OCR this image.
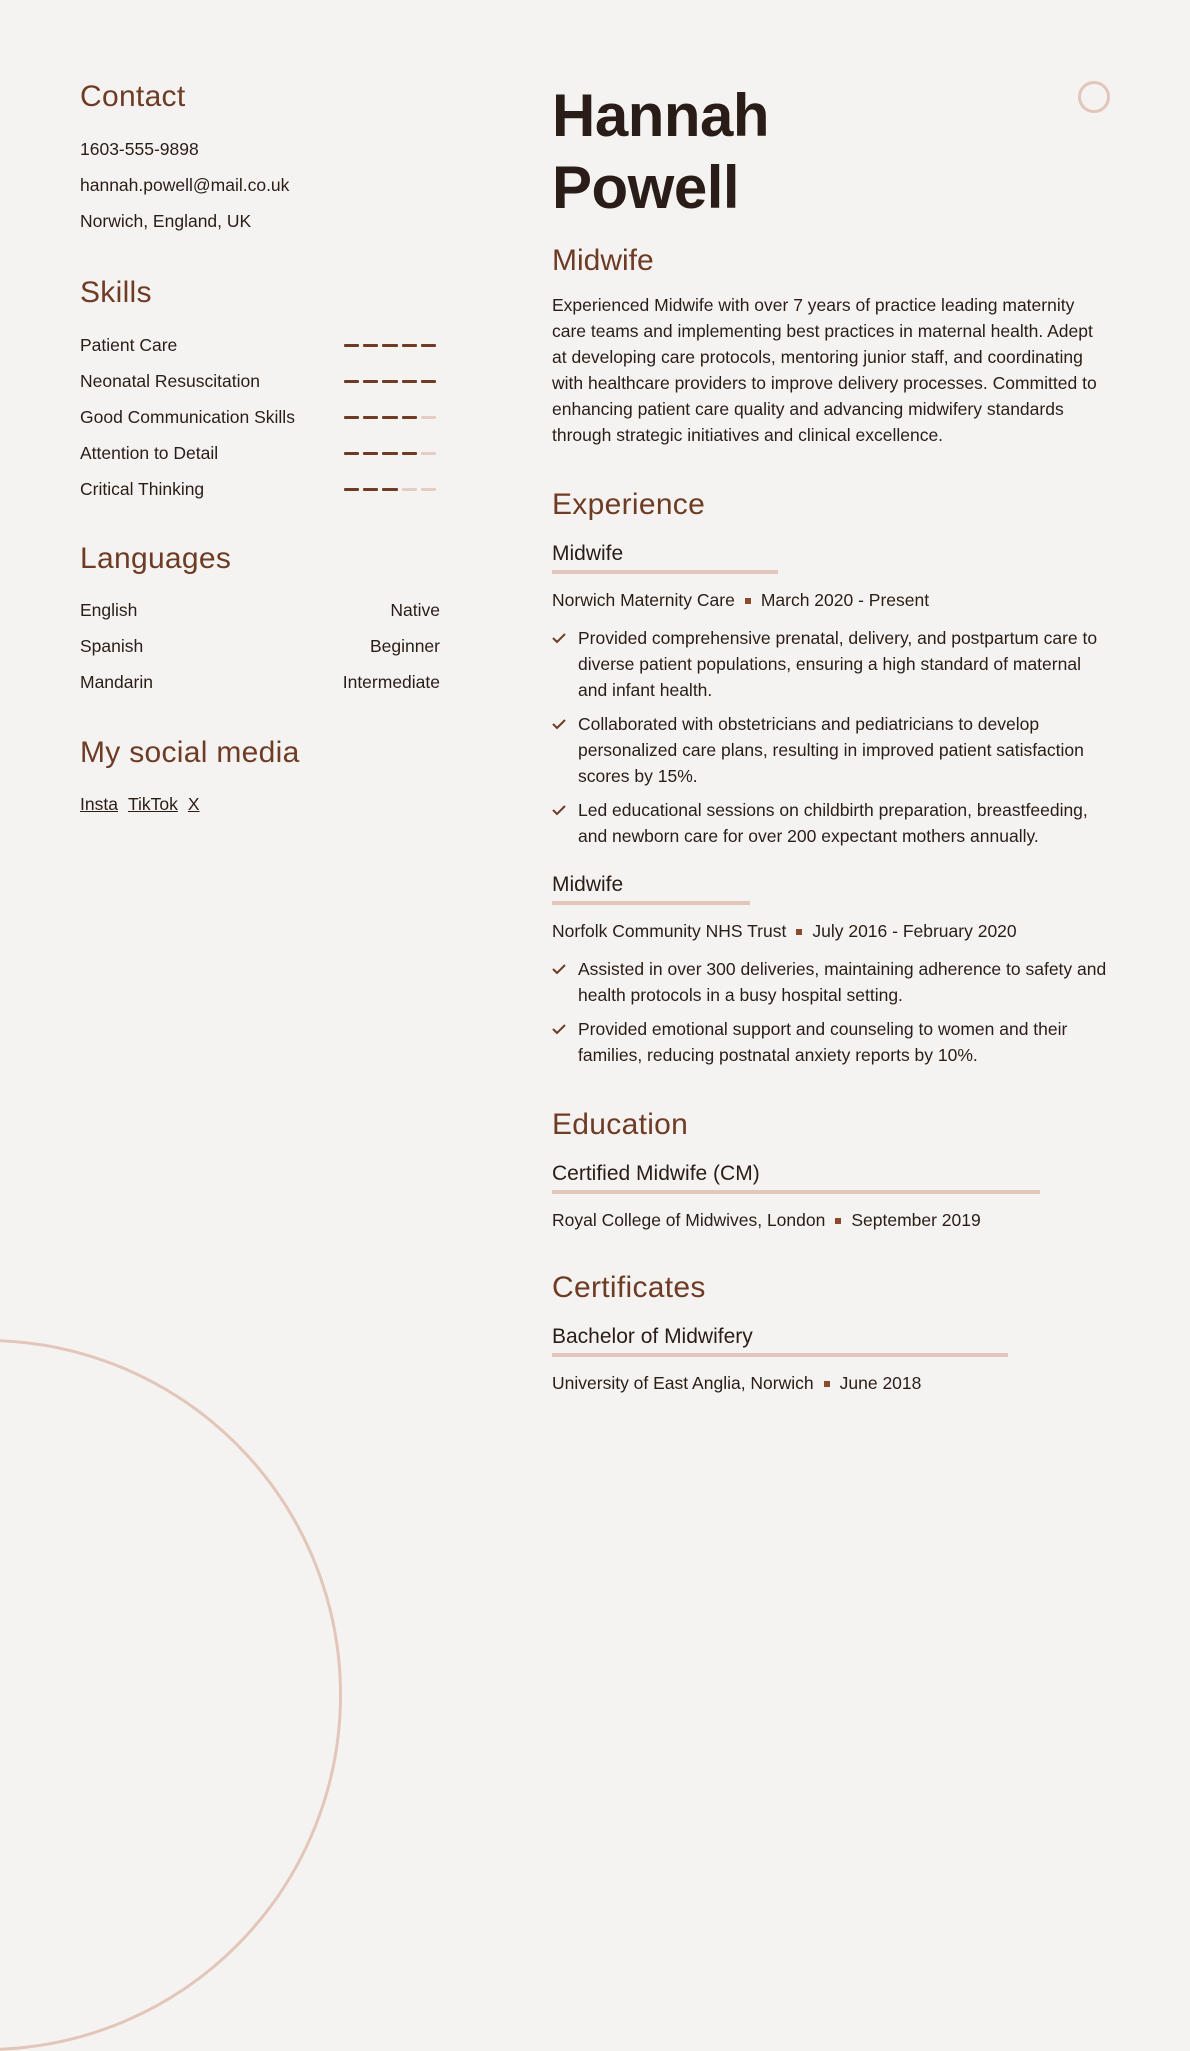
Contact

1603-555-9898

hannah.powell@mail.co.uk

Norwich, England, UK

Skills
Patient Care
Neonatal Resuscitation
Good Communication Skills
Attention to Detail
Critical Thinking
Languages
English	Native
Spanish	Beginner
Mandarin	Intermediate
My social media
Insta TikTok X
Hannah
Powell
Midwife

Experienced Midwife with over 7 years of practice leading maternity care teams and implementing best practices in maternal health. Adept at developing care protocols, mentoring junior staff, and coordinating with healthcare providers to improve delivery processes. Committed to enhancing patient care quality and advancing midwifery standards through strategic initiatives and clinical excellence.

Experience
Midwife
Norwich Maternity Care March 2020 - Present
Provided comprehensive prenatal, delivery, and postpartum care to diverse patient populations, ensuring a high standard of maternal and infant health.
Collaborated with obstetricians and pediatricians to develop personalized care plans, resulting in improved patient satisfaction scores by 15%.
Led educational sessions on childbirth preparation, breastfeeding, and newborn care for over 200 expectant mothers annually.
Midwife
Norfolk Community NHS Trust July 2016 - February 2020
Assisted in over 300 deliveries, maintaining adherence to safety and health protocols in a busy hospital setting.
Provided emotional support and counseling to women and their families, reducing postnatal anxiety reports by 10%.
Education
Certified Midwife (CM)
Royal College of Midwives, London September 2019
Certificates
Bachelor of Midwifery
University of East Anglia, Norwich June 2018
